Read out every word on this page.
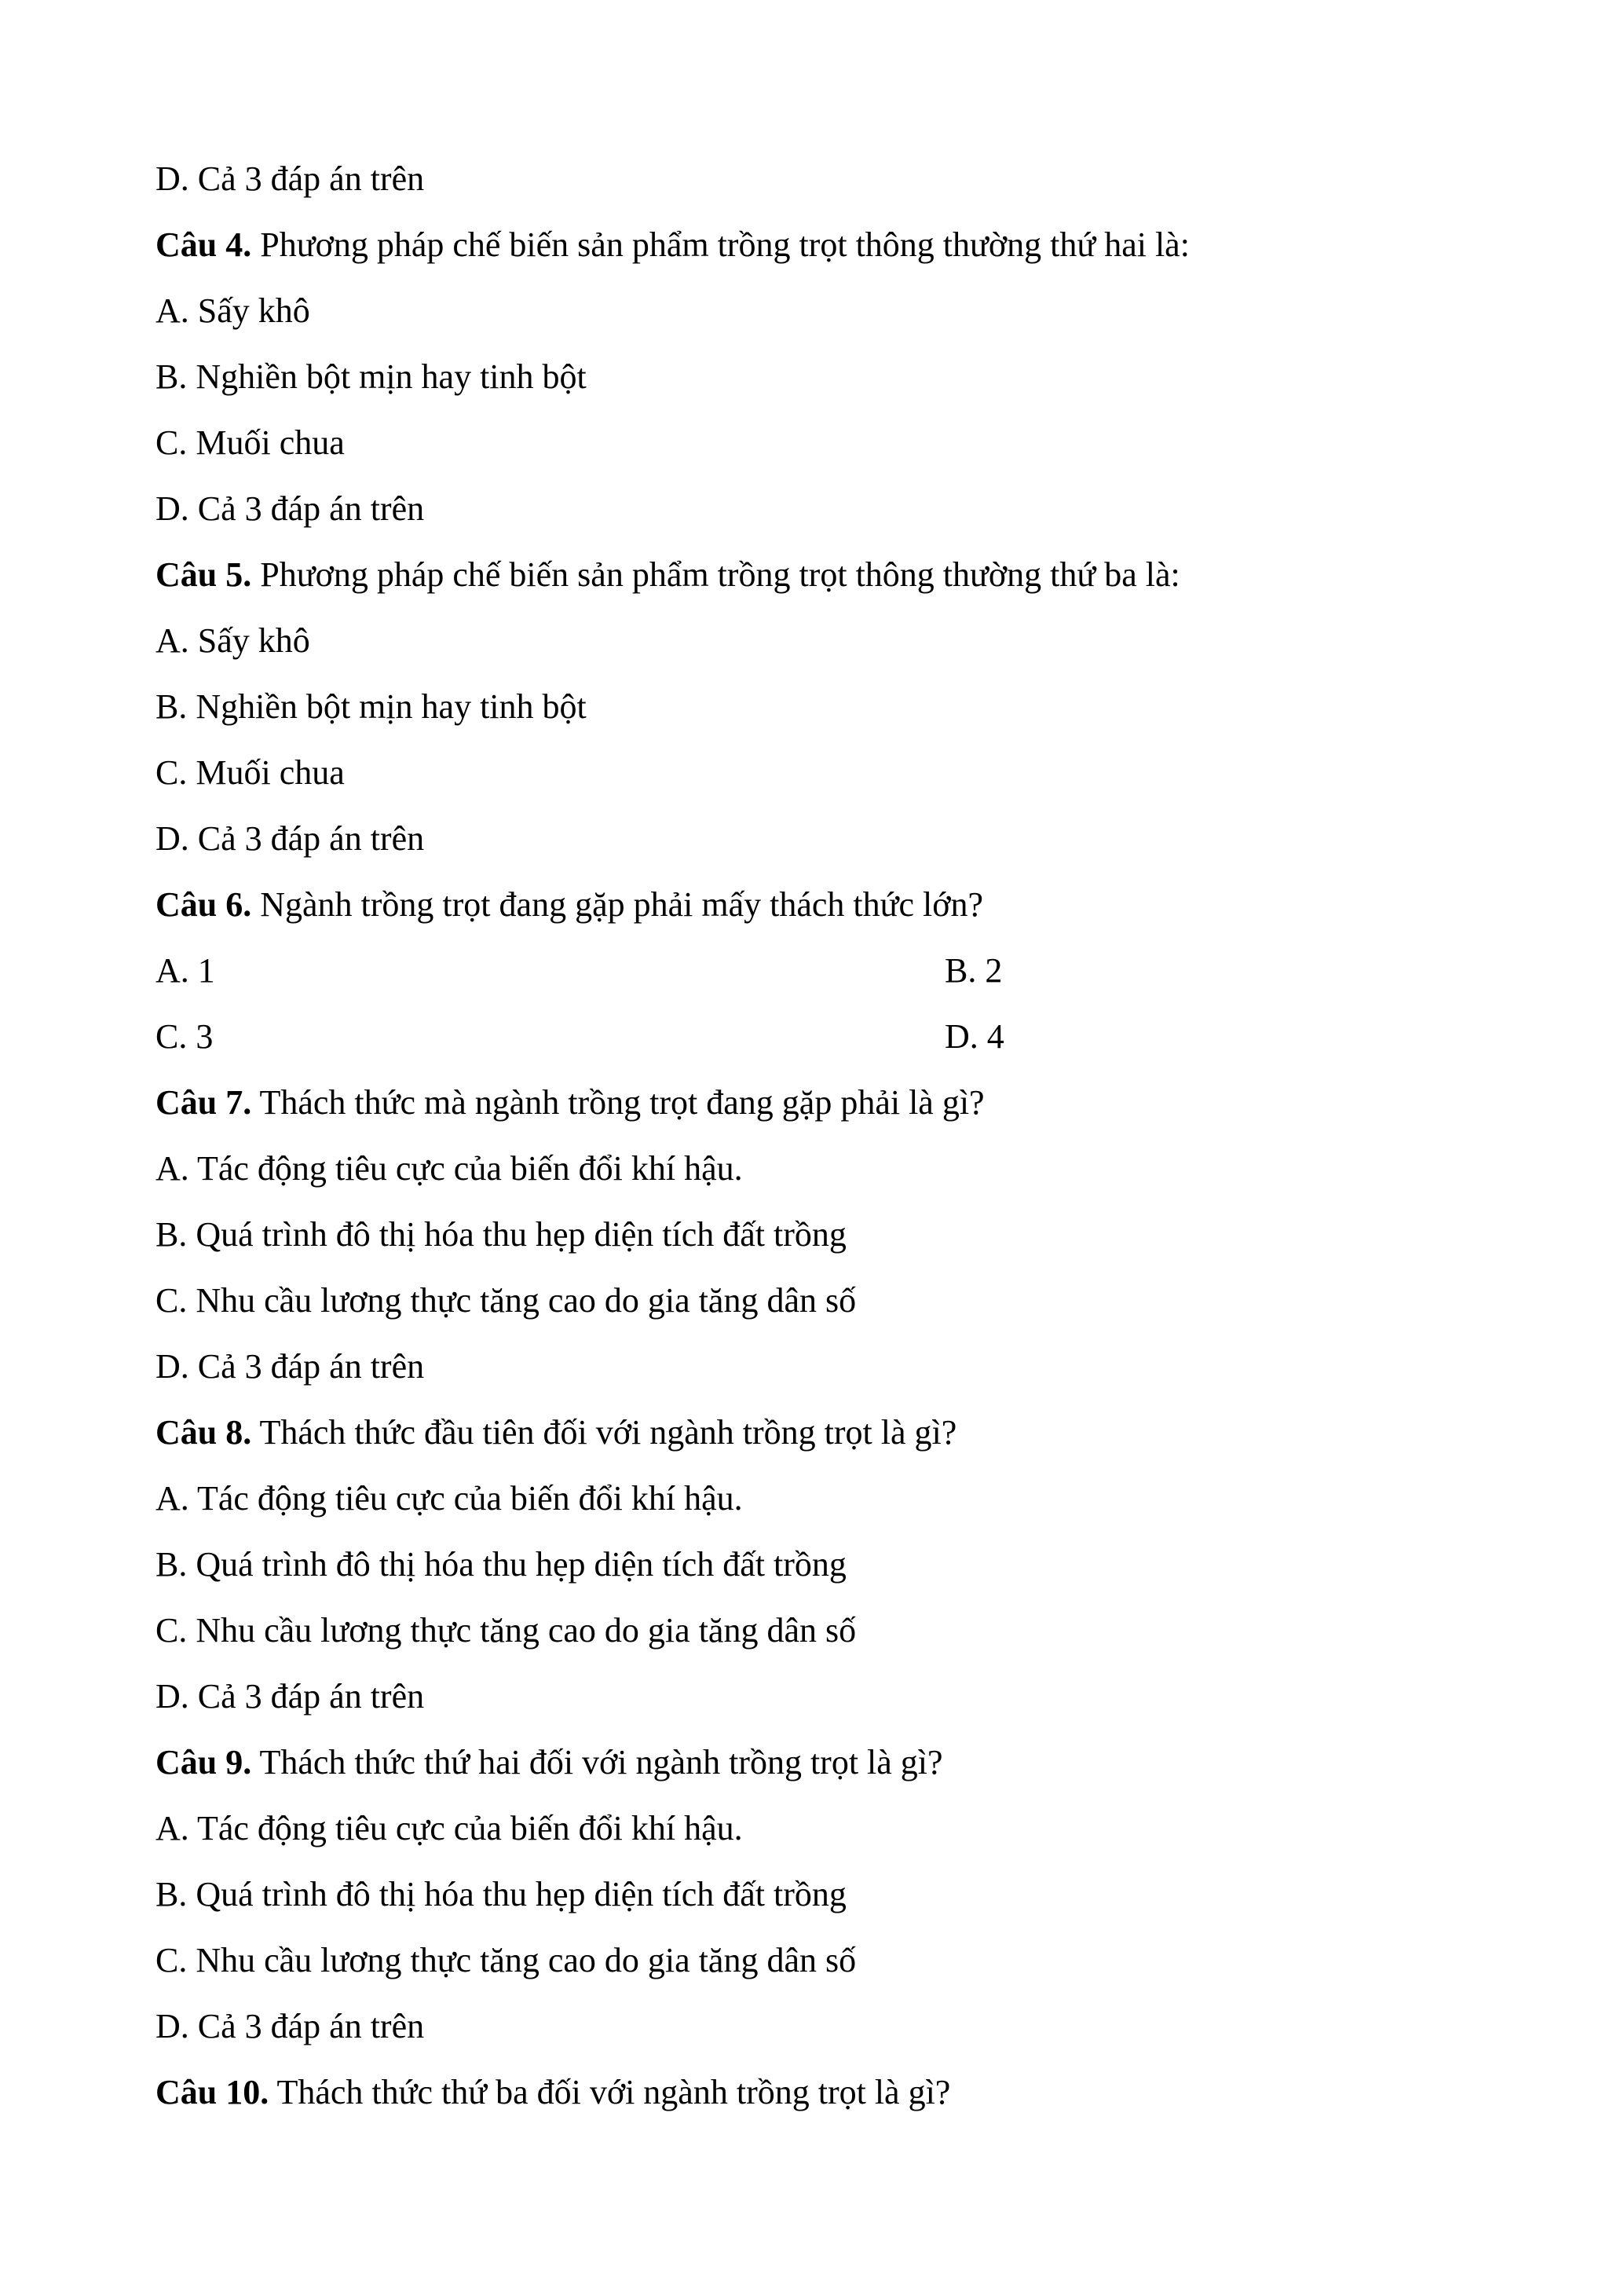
D. Cả 3 đáp án trên
Câu 4. Phương pháp chế biến sản phẩm trồng trọt thông thường thứ hai là:
A. Sấy khô
B. Nghiền bột mịn hay tinh bột
C. Muối chua
D. Cả 3 đáp án trên
Câu 5. Phương pháp chế biến sản phẩm trồng trọt thông thường thứ ba là:
A. Sấy khô
B. Nghiền bột mịn hay tinh bột
C. Muối chua
D. Cả 3 đáp án trên
Câu 6. Ngành trồng trọt đang gặp phải mấy thách thức lớn?
A. 1	B. 2
C. 3	D. 4
Câu 7. Thách thức mà ngành trồng trọt đang gặp phải là gì?
A. Tác động tiêu cực của biến đổi khí hậu.
B. Quá trình đô thị hóa thu hẹp diện tích đất trồng
C. Nhu cầu lương thực tăng cao do gia tăng dân số
D. Cả 3 đáp án trên
Câu 8. Thách thức đầu tiên đối với ngành trồng trọt là gì?
A. Tác động tiêu cực của biến đổi khí hậu.
B. Quá trình đô thị hóa thu hẹp diện tích đất trồng
C. Nhu cầu lương thực tăng cao do gia tăng dân số
D. Cả 3 đáp án trên
Câu 9. Thách thức thứ hai đối với ngành trồng trọt là gì?
A. Tác động tiêu cực của biến đổi khí hậu.
B. Quá trình đô thị hóa thu hẹp diện tích đất trồng
C. Nhu cầu lương thực tăng cao do gia tăng dân số
D. Cả 3 đáp án trên
Câu 10. Thách thức thứ ba đối với ngành trồng trọt là gì?
